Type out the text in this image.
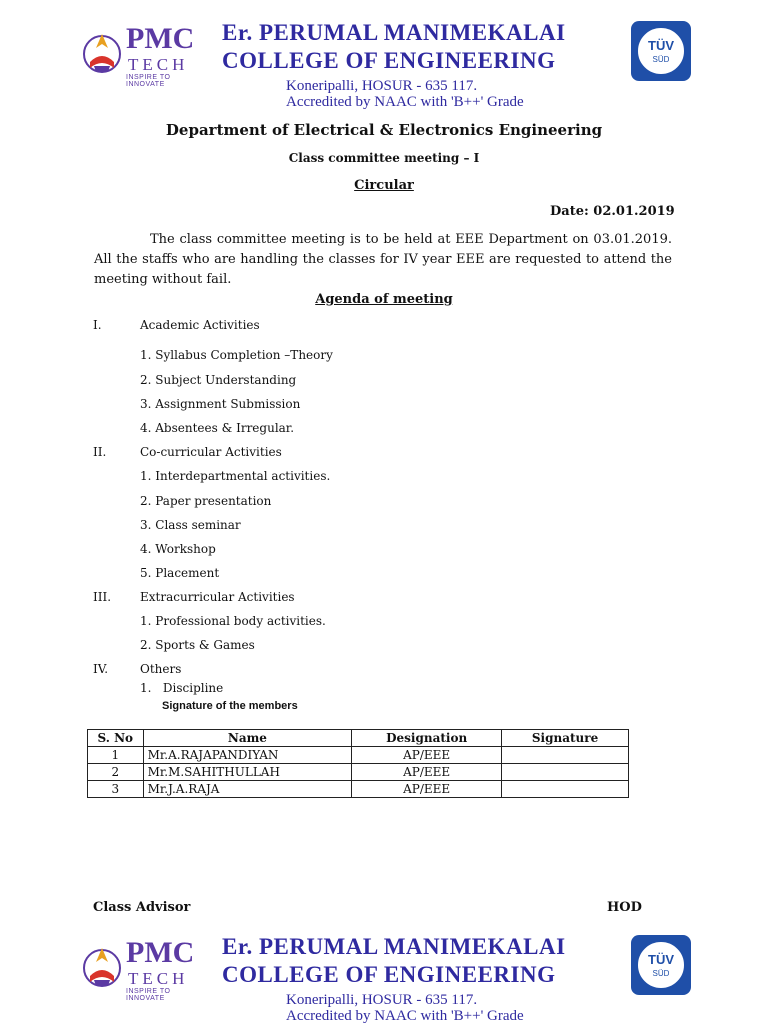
PMC
TECH
INSPIRE TO INNOVATE
Er. PERUMAL MANIMEKALAI
COLLEGE OF ENGINEERING
Koneripalli, HOSUR - 635 117.
Accredited by NAAC with 'B++' Grade
TÜV
SÜD
Department of Electrical & Electronics Engineering
Class committee meeting – I
Circular
Date: 02.01.2019
The class committee meeting is to be held at EEE Department on 03.01.2019. All the staffs who are handling the classes for IV year EEE are requested to attend the meeting without fail.
Agenda of meeting
I.	Academic Activities
1. Syllabus Completion –Theory
2. Subject Understanding
3. Assignment Submission
4. Absentees & Irregular.
II.	Co-curricular Activities
1. Interdepartmental activities.
2. Paper presentation
3. Class seminar
4. Workshop
5. Placement
III. Extracurricular Activities
1. Professional body activities.
2. Sports & Games
IV.	Others
1.   Discipline
Signature of the members
S. No	Name	Designation	Signature
1	Mr.A.RAJAPANDIYAN	AP/EEE	
2	Mr.M.SAHITHULLAH	AP/EEE	
3	Mr.J.A.RAJA	AP/EEE	
Class Advisor	HOD
PMC
TECH
INSPIRE TO INNOVATE
Er. PERUMAL MANIMEKALAI
COLLEGE OF ENGINEERING
Koneripalli, HOSUR - 635 117.
Accredited by NAAC with 'B++' Grade
TÜV
SÜD
